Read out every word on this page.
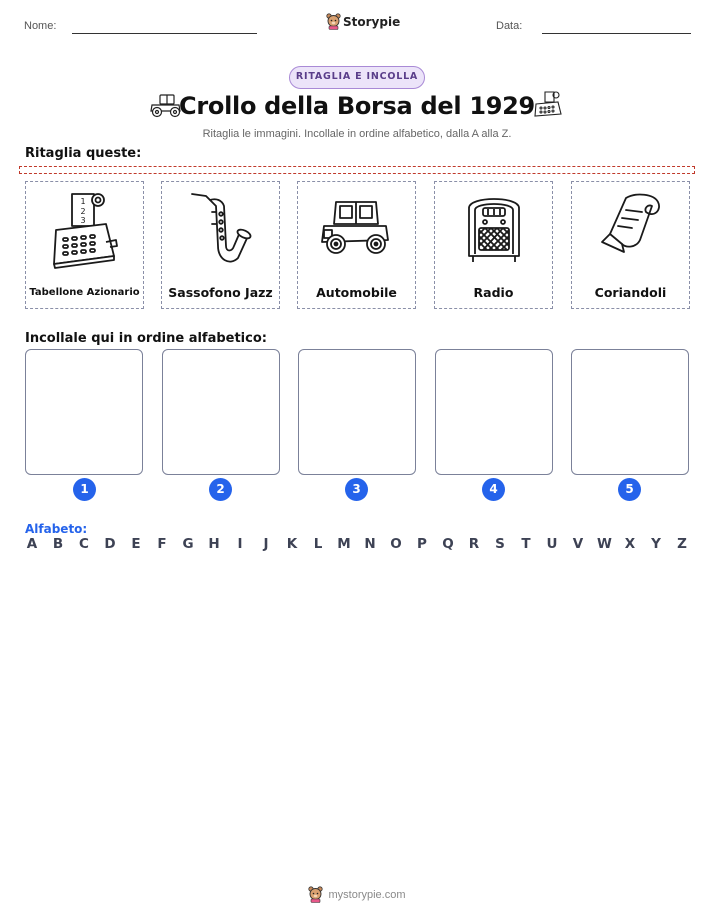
Nome:	Storypie	Data:
RITAGLIA E INCOLLA
Crollo della Borsa del 1929
Ritaglia le immagini. Incollale in ordine alfabetico, dalla A alla Z.
Ritaglia queste:
1
2
3
Tabellone Azionario	Sassofono Jazz	Automobile	Radio	Coriandoli
Incollale qui in ordine alfabetico:
1	2	3	4	5
Alfabeto:
A B C D E F G H	I	J	K L M N O P Q R S T U V W X Y Z
mystorypie.com
